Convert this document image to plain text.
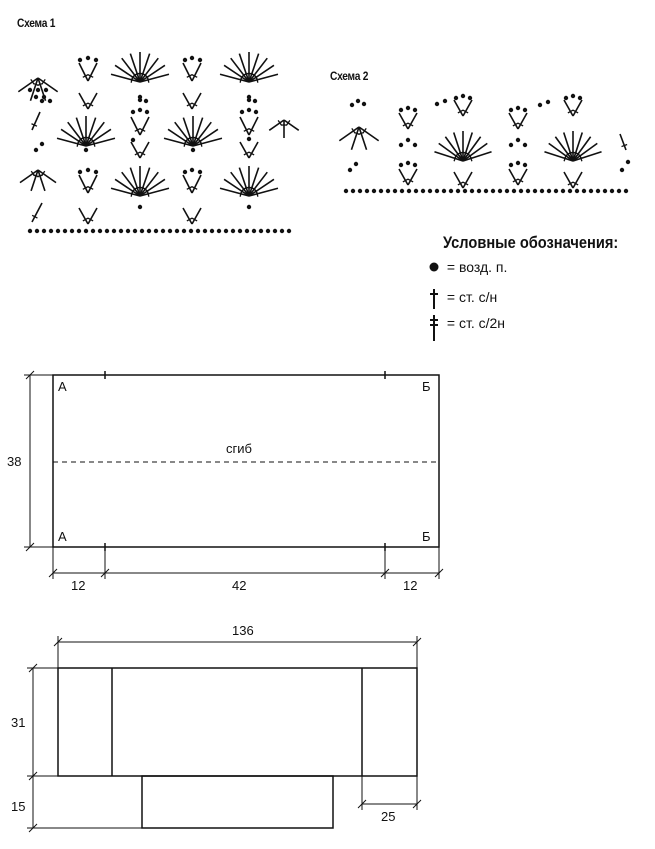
Схема 1
Схема 2
Условные обозначения:
= возд. п.
= ст. с/н
= ст. с/2н
А	Б
А	Б
сгиб
38
12	42	12
136
31
15
25
